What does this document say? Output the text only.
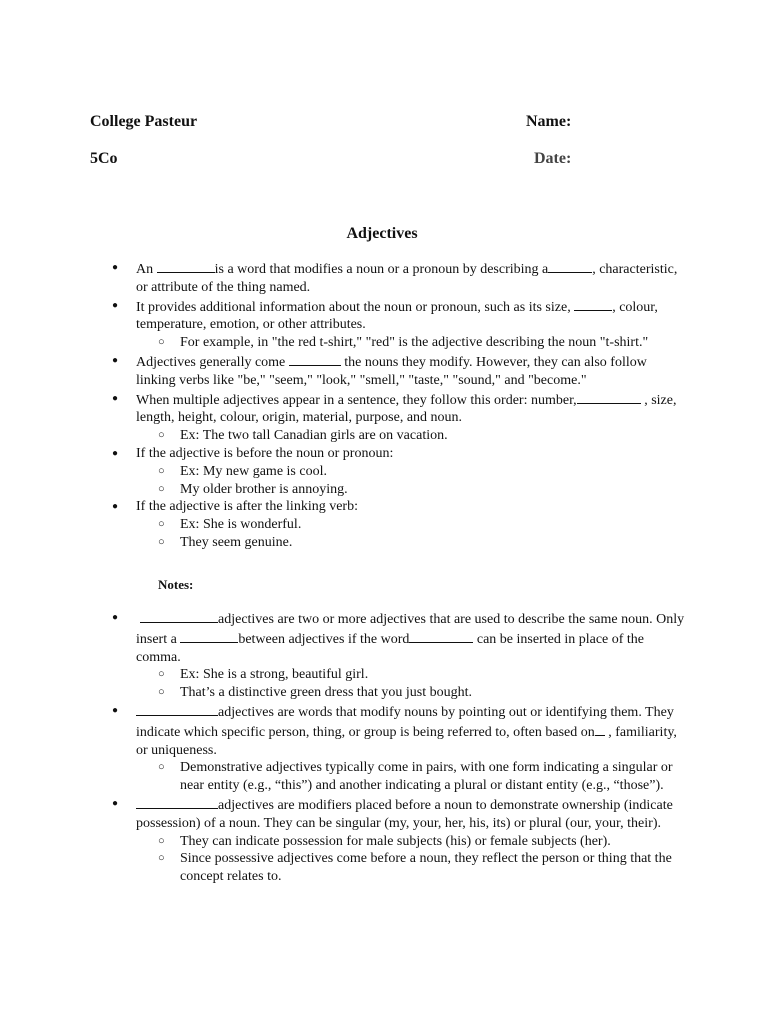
College Pasteur	Name:
5Co	Date:
Adjectives
● An	is a word that modifies a noun or a pronoun by describing a	, characteristic, or attribute of the thing named.
● It provides additional information about the noun or pronoun, such as its size,	, colour, temperature, emotion, or other attributes.
○ For example, in "the red t-shirt," "red" is the adjective describing the noun "t-shirt."
● Adjectives generally come	the nouns they modify. However, they can also follow linking verbs like "be," "seem," "look," "smell," "taste," "sound," and "become."
● When multiple adjectives appear in a sentence, they follow this order: number,	, size, length, height, colour, origin, material, purpose, and noun.
○ Ex: The two tall Canadian girls are on vacation.
● If the adjective is before the noun or pronoun:
○ Ex: My new game is cool.
○ My older brother is annoying.
● If the adjective is after the linking verb:
○ Ex: She is wonderful.
○ They seem genuine.
Notes:
● adjectives are two or more adjectives that are used to describe the same noun. Only insert a	between adjectives if the word	can be inserted in place of the comma.
○ Ex: She is a strong, beautiful girl.
○ That’s a distinctive green dress that you just bought.
● adjectives are words that modify nouns by pointing out or identifying them. They indicate which specific person, thing, or group is being referred to, often based on , familiarity, or uniqueness.
○ Demonstrative adjectives typically come in pairs, with one form indicating a singular or near entity (e.g., “this”) and another indicating a plural or distant entity (e.g., “those”).
● adjectives are modifiers placed before a noun to demonstrate ownership (indicate possession) of a noun. They can be singular (my, your, her, his, its) or plural (our, your, their).
○ They can indicate possession for male subjects (his) or female subjects (her).
○ Since possessive adjectives come before a noun, they reflect the person or thing that the concept relates to.
